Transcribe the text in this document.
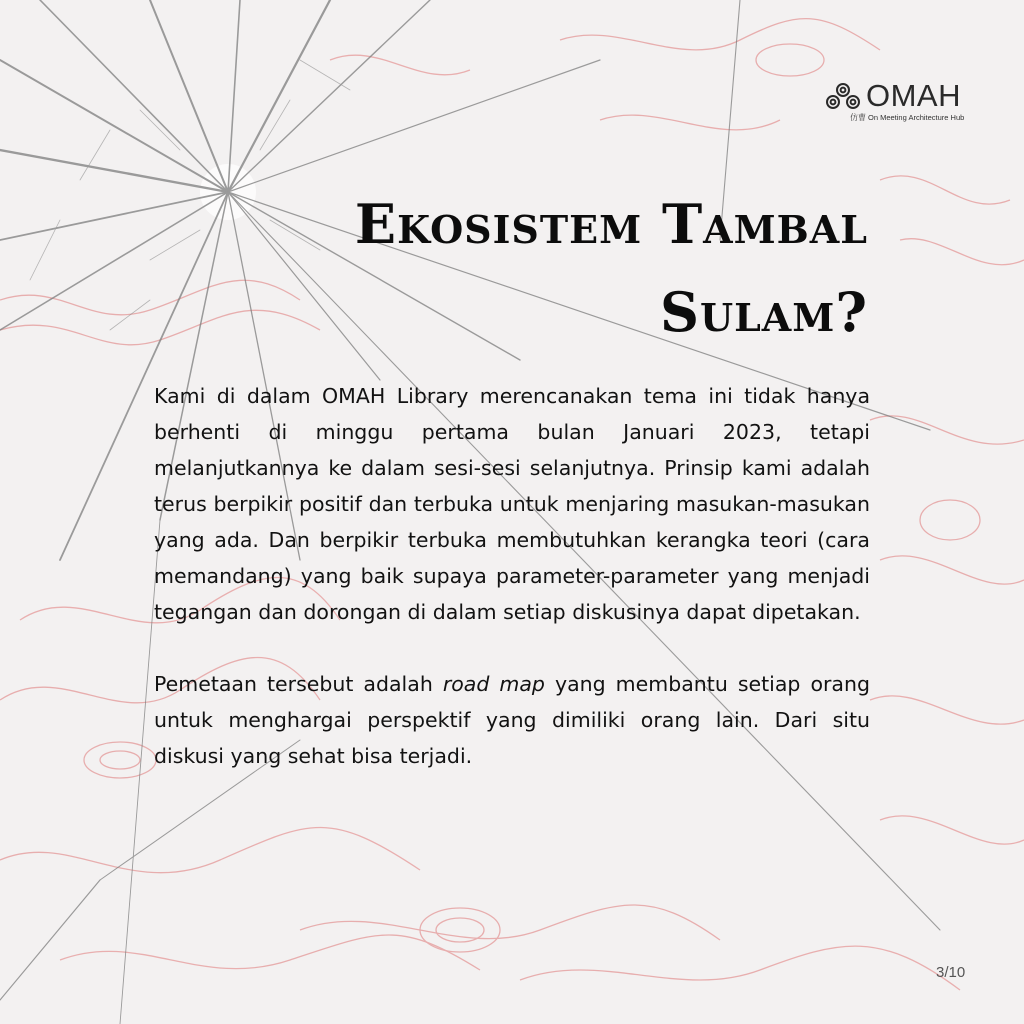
OMAH
仿曹 On Meeting Architecture Hub
Ekosistem Tambal
Sulam?

Kami di dalam OMAH Library merencanakan tema ini tidak hanya berhenti di minggu pertama bulan Januari 2023, tetapi melanjutkannya ke dalam sesi-sesi selanjutnya. Prinsip kami adalah terus berpikir positif dan terbuka untuk menjaring masukan-masukan yang ada. Dan berpikir terbuka membutuhkan kerangka teori (cara memandang) yang baik supaya parameter-parameter yang menjadi tegangan dan dorongan di dalam setiap diskusinya dapat dipetakan.

Pemetaan tersebut adalah road map yang membantu setiap orang untuk menghargai perspektif yang dimiliki orang lain. Dari situ diskusi yang sehat bisa terjadi.

3/10
